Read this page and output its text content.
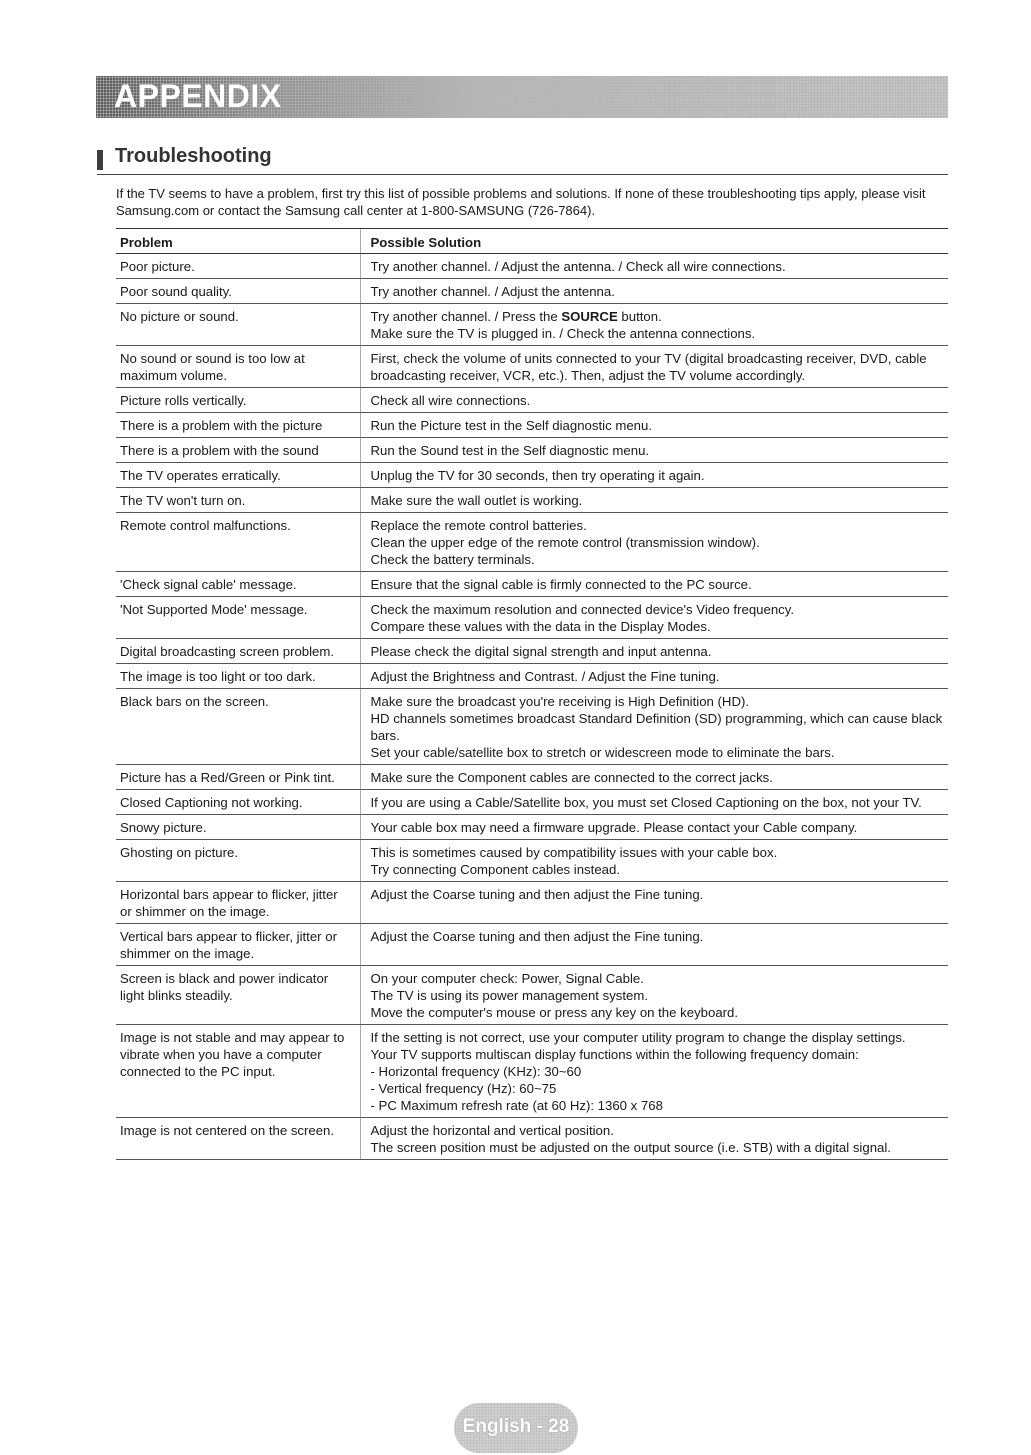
APPENDIX
Troubleshooting
If the TV seems to have a problem, first try this list of possible problems and solutions. If none of these troubleshooting tips apply, please visit Samsung.com or contact the Samsung call center at 1-800-SAMSUNG (726-7864).
Problem	Possible Solution
Poor picture.	Try another channel. / Adjust the antenna. / Check all wire connections.

Poor sound quality.	Try another channel. / Adjust the antenna.

No picture or sound.	Try another channel. / Press the SOURCE button.
Make sure the TV is plugged in. / Check the antenna connections.

No sound or sound is too low at maximum volume.	First, check the volume of units connected to your TV (digital broadcasting receiver, DVD, cable broadcasting receiver, VCR, etc.). Then, adjust the TV volume accordingly.

Picture rolls vertically.	Check all wire connections.

There is a problem with the picture	Run the Picture test in the Self diagnostic menu.

There is a problem with the sound	Run the Sound test in the Self diagnostic menu.

The TV operates erratically.	Unplug the TV for 30 seconds, then try operating it again.

The TV won't turn on.	Make sure the wall outlet is working.

Remote control malfunctions.	Replace the remote control batteries.
Clean the upper edge of the remote control (transmission window).
Check the battery terminals.

'Check signal cable' message.	Ensure that the signal cable is firmly connected to the PC source.

'Not Supported Mode' message.	Check the maximum resolution and connected device's Video frequency.
Compare these values with the data in the Display Modes.

Digital broadcasting screen problem.	Please check the digital signal strength and input antenna.

The image is too light or too dark.	Adjust the Brightness and Contrast. / Adjust the Fine tuning.

Black bars on the screen.	Make sure the broadcast you're receiving is High Definition (HD).
HD channels sometimes broadcast Standard Definition (SD) programming, which can cause black bars.
Set your cable/satellite box to stretch or widescreen mode to eliminate the bars.

Picture has a Red/Green or Pink tint.	Make sure the Component cables are connected to the correct jacks.

Closed Captioning not working.	If you are using a Cable/Satellite box, you must set Closed Captioning on the box, not your TV.

Snowy picture.	Your cable box may need a firmware upgrade. Please contact your Cable company.

Ghosting on picture.	This is sometimes caused by compatibility issues with your cable box.
Try connecting Component cables instead.

Horizontal bars appear to flicker, jitter or shimmer on the image.	Adjust the Coarse tuning and then adjust the Fine tuning.

Vertical bars appear to flicker, jitter or shimmer on the image.	Adjust the Coarse tuning and then adjust the Fine tuning.

Screen is black and power indicator light blinks steadily.	On your computer check: Power, Signal Cable.
The TV is using its power management system.
Move the computer's mouse or press any key on the keyboard.

Image is not stable and may appear to vibrate when you have a computer connected to the PC input.	If the setting is not correct, use your computer utility program to change the display settings.
Your TV supports multiscan display functions within the following frequency domain:
- Horizontal frequency (KHz): 30~60
- Vertical frequency (Hz): 60~75
- PC Maximum refresh rate (at 60 Hz): 1360 x 768

Image is not centered on the screen.	Adjust the horizontal and vertical position.
The screen position must be adjusted on the output source (i.e. STB) with a digital signal.
English - 28
